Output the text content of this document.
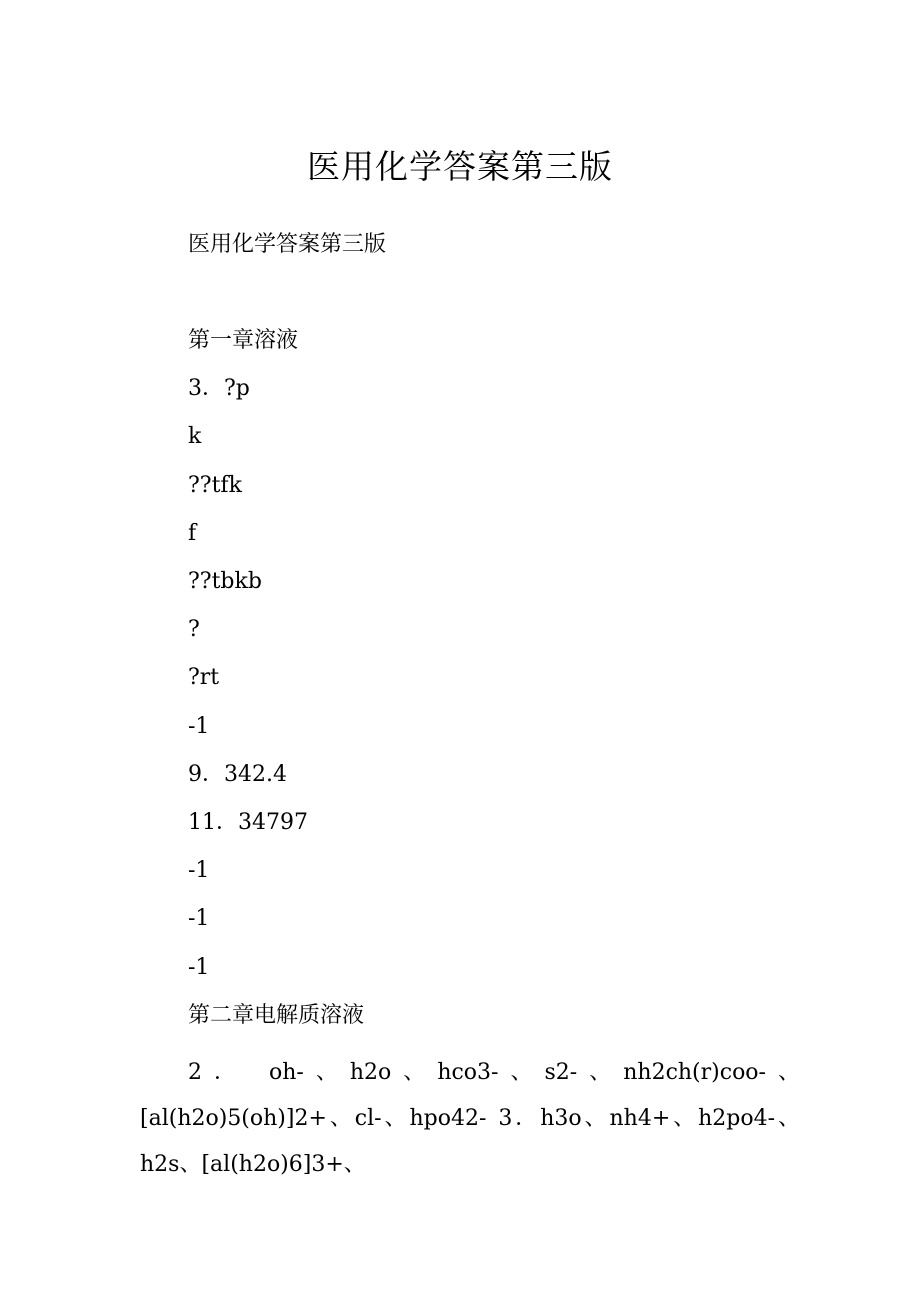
医用化学答案第三版

医用化学答案第三版

第一章溶液

3．?p

k

??tfk

f

??tbkb

?

?rt

-1

9．342.4

11．34797

-1

-1

-1

第二章电解质溶液

2． oh-、h2o、hco3-、s2-、nh2ch(r)coo-、[al(h2o)5(oh)]2+、cl-、hpo42- 3．h3o、nh4+、h2po4-、h2s、[al(h2o)6]3+、
